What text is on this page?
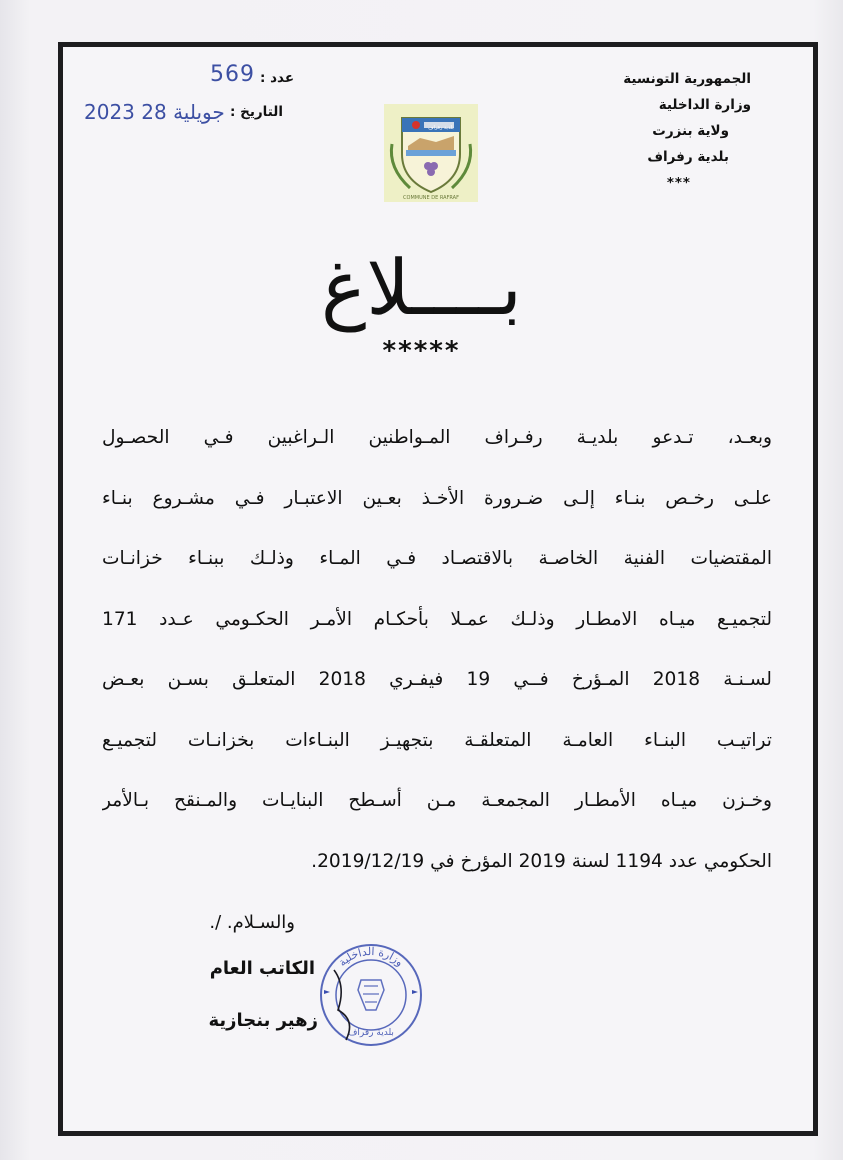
الجمهورية التونسية
وزارة الداخلية
ولاية بنزرت
بلدية رفراف
***
عدد :
569
التاريخ :
2023 جويلية 28
بلدية رفراف
COMMUNE DE RAFRAF
بــــلاغ
*****
وبعـد، تـدعو بلديـة رفـراف المـواطنين الـراغبين فـي الحصـول
علـى رخـص بنـاء إلـى ضـرورة الأخـذ بعـين الاعتبـار فـي مشـروع بنـاء
المقتضيات الفنية الخاصـة بالاقتصـاد فـي المـاء وذلـك ببنـاء خزانـات
لتجميـع ميـاه الامطـار وذلـك عمـلا بأحكـام الأمـر الحكـومي عـدد 171
لسـنـة 2018 المـؤرخ فــي 19 فيفـري 2018 المتعلـق بسـن بعـض
تراتيـب البنـاء العامـة المتعلقـة بتجهيـز البنـاءات بخزانـات لتجميـع
وخـزن ميـاه الأمطـار المجمعـة مـن أسـطح البنايـات والمـنقح بـالأمر
الحكومي عدد 1194 لسنة 2019 المؤرخ في 2019/12/19.
والسـلام. /.
الكاتب العام
زهير بنجازية
وزارة الداخلية
بلدية رفراف
